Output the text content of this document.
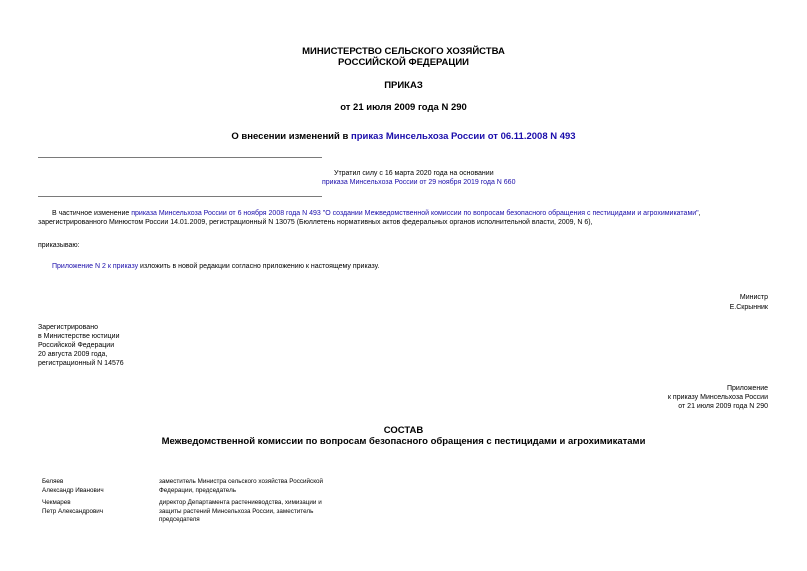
МИНИСТЕРСТВО СЕЛЬСКОГО ХОЗЯЙСТВА
РОССИЙСКОЙ ФЕДЕРАЦИИ
ПРИКАЗ
от 21 июля 2009 года N 290
О внесении изменений в приказ Минсельхоза России от 06.11.2008 N 493
Утратил силу с 16 марта 2020 года на основании
приказа Минсельхоза России от 29 ноября 2019 года N 660
В частичное изменение приказа Минсельхоза России от 6 ноября 2008 года N 493 "О создании Межведомственной комиссии по вопросам безопасного обращения с пестицидами и агрохимикатами",
зарегистрированного Минюстом России 14.01.2009, регистрационный N 13075 (Бюллетень нормативных актов федеральных органов исполнительной власти, 2009, N 6),
приказываю:
Приложение N 2 к приказу изложить в новой редакции согласно приложению к настоящему приказу.
Министр
Е.Скрынник
Зарегистрировано
в Министерстве юстиции
Российской Федерации
20 августа 2009 года,
регистрационный N 14576
Приложение
к приказу Минсельхоза России
от 21 июля 2009 года N 290
СОСТАВ
Межведомственной комиссии по вопросам безопасного обращения с пестицидами и агрохимикатами
Беляев
Александр Иванович
заместитель Министра сельского хозяйства Российской
Федерации, председатель
Чекмарев
Петр Александрович
директор Департамента растениеводства, химизации и
защиты растений Минсельхоза России, заместитель
председателя
